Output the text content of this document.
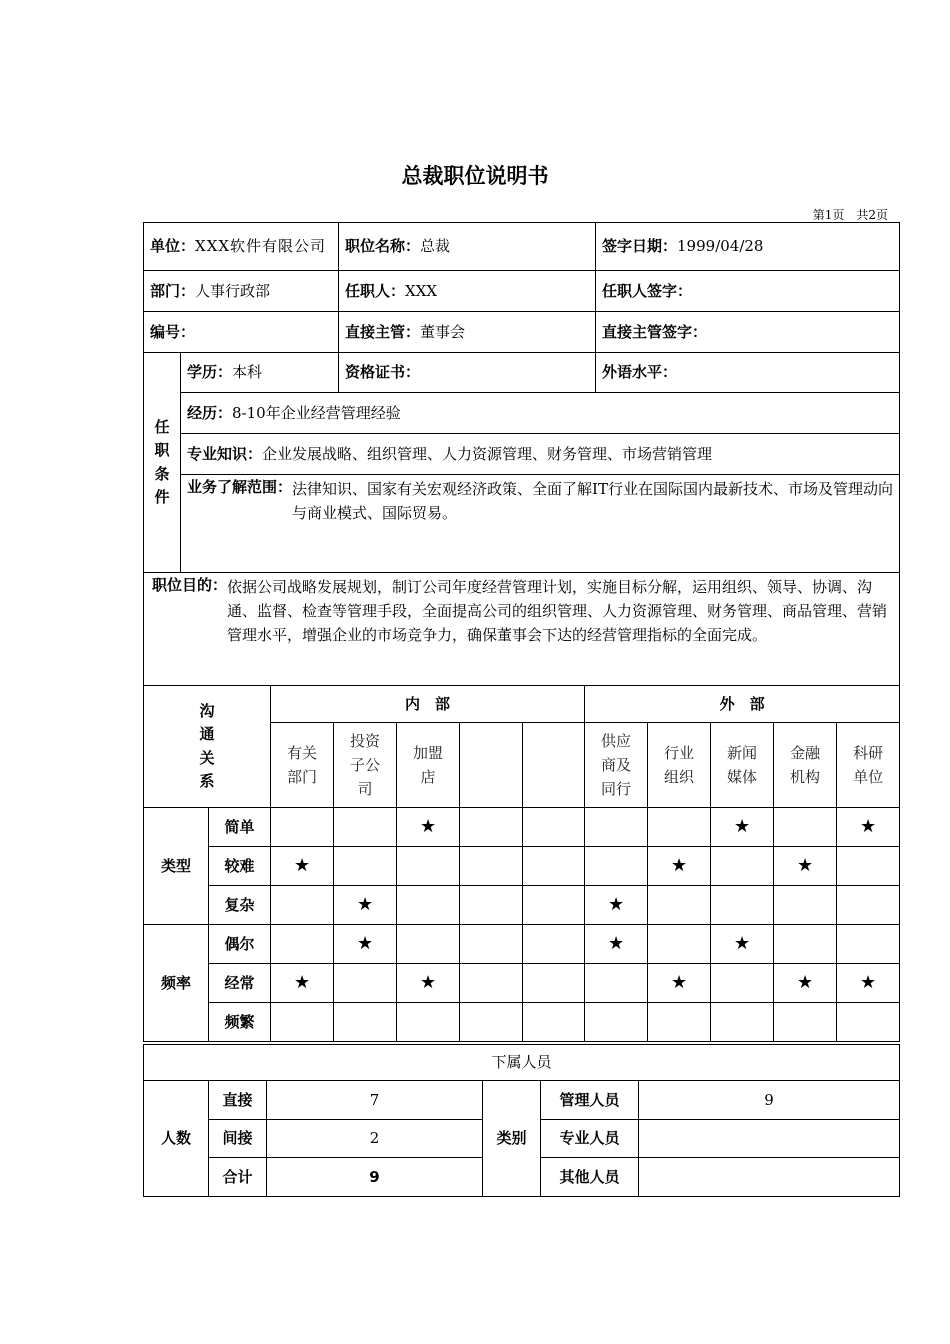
总裁职位说明书
第1页　共2页
单位：XXX软件有限公司		职位名称：总裁	签字日期：1999/04/28
部门：人事行政部		任职人：XXX	任职人签字：
编号：		直接主管：董事会	直接主管签字：
任职条件	学历：本科	资格证书：	外语水平：
	经历：8-10年企业经营管理经验		
	专业知识：企业发展战略、组织管理、人力资源管理、财务管理、市场营销管理		

	业务了解范围： 法律知识、国家有关宏观经济政策、全面了解IT行业在国际国内最新技术、市场及管理动向与商业模式、国际贸易。		

职位目的： 依据公司战略发展规划，制订公司年度经营管理计划，实施目标分解，运用组织、领导、协调、沟通、监督、检查等管理手段，全面提高公司的组织管理、人力资源管理、财务管理、商品管理、营销管理水平，增强企业的市场竞争力，确保董事会下达的经营管理指标的全面完成。			
沟通关系		内　部					外　部				
		有关部门	投资子公司	加盟店			供应商及同行	行业组织	新闻媒体	金融机构	科研单位
类型	简单			★					★		★
	较难	★						★		★	
	复杂		★				★				
频率	偶尔		★				★		★		
	经常	★		★				★		★	★
	频繁										
下属人员					
人数	直接	7	类别	管理人员	9
	间接	2		专业人员	
	合计	9		其他人员	
